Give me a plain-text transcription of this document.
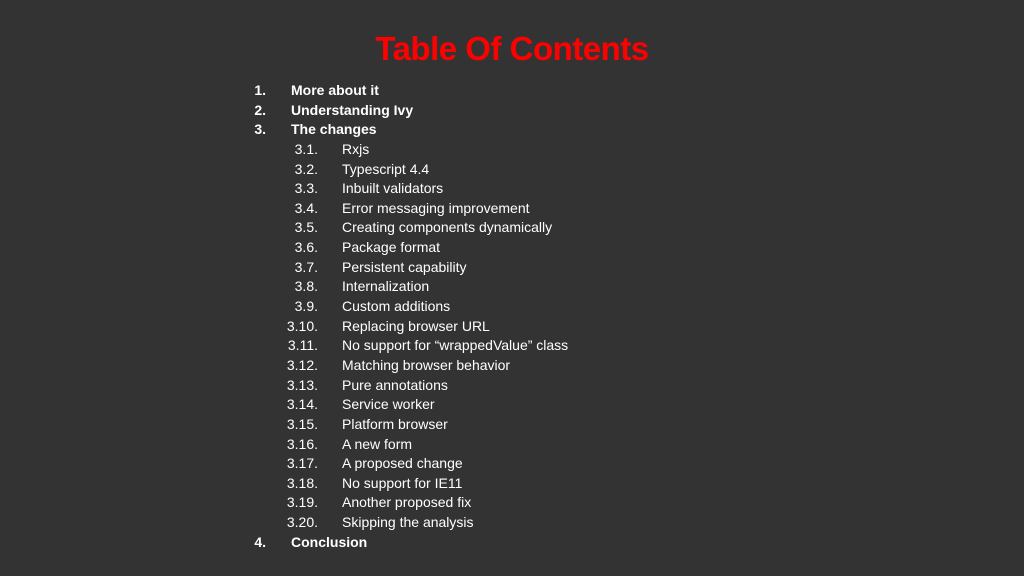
Table Of Contents
1. More about it
2. Understanding Ivy
3. The changes
3.1. Rxjs
3.2. Typescript 4.4
3.3. Inbuilt validators
3.4. Error messaging improvement
3.5. Creating components dynamically
3.6. Package format
3.7. Persistent capability
3.8. Internalization
3.9. Custom additions
3.10. Replacing browser URL
3.11. No support for “wrappedValue” class
3.12. Matching browser behavior
3.13. Pure annotations
3.14. Service worker
3.15. Platform browser
3.16. A new form
3.17. A proposed change
3.18. No support for IE11
3.19. Another proposed fix
3.20. Skipping the analysis
4. Conclusion
